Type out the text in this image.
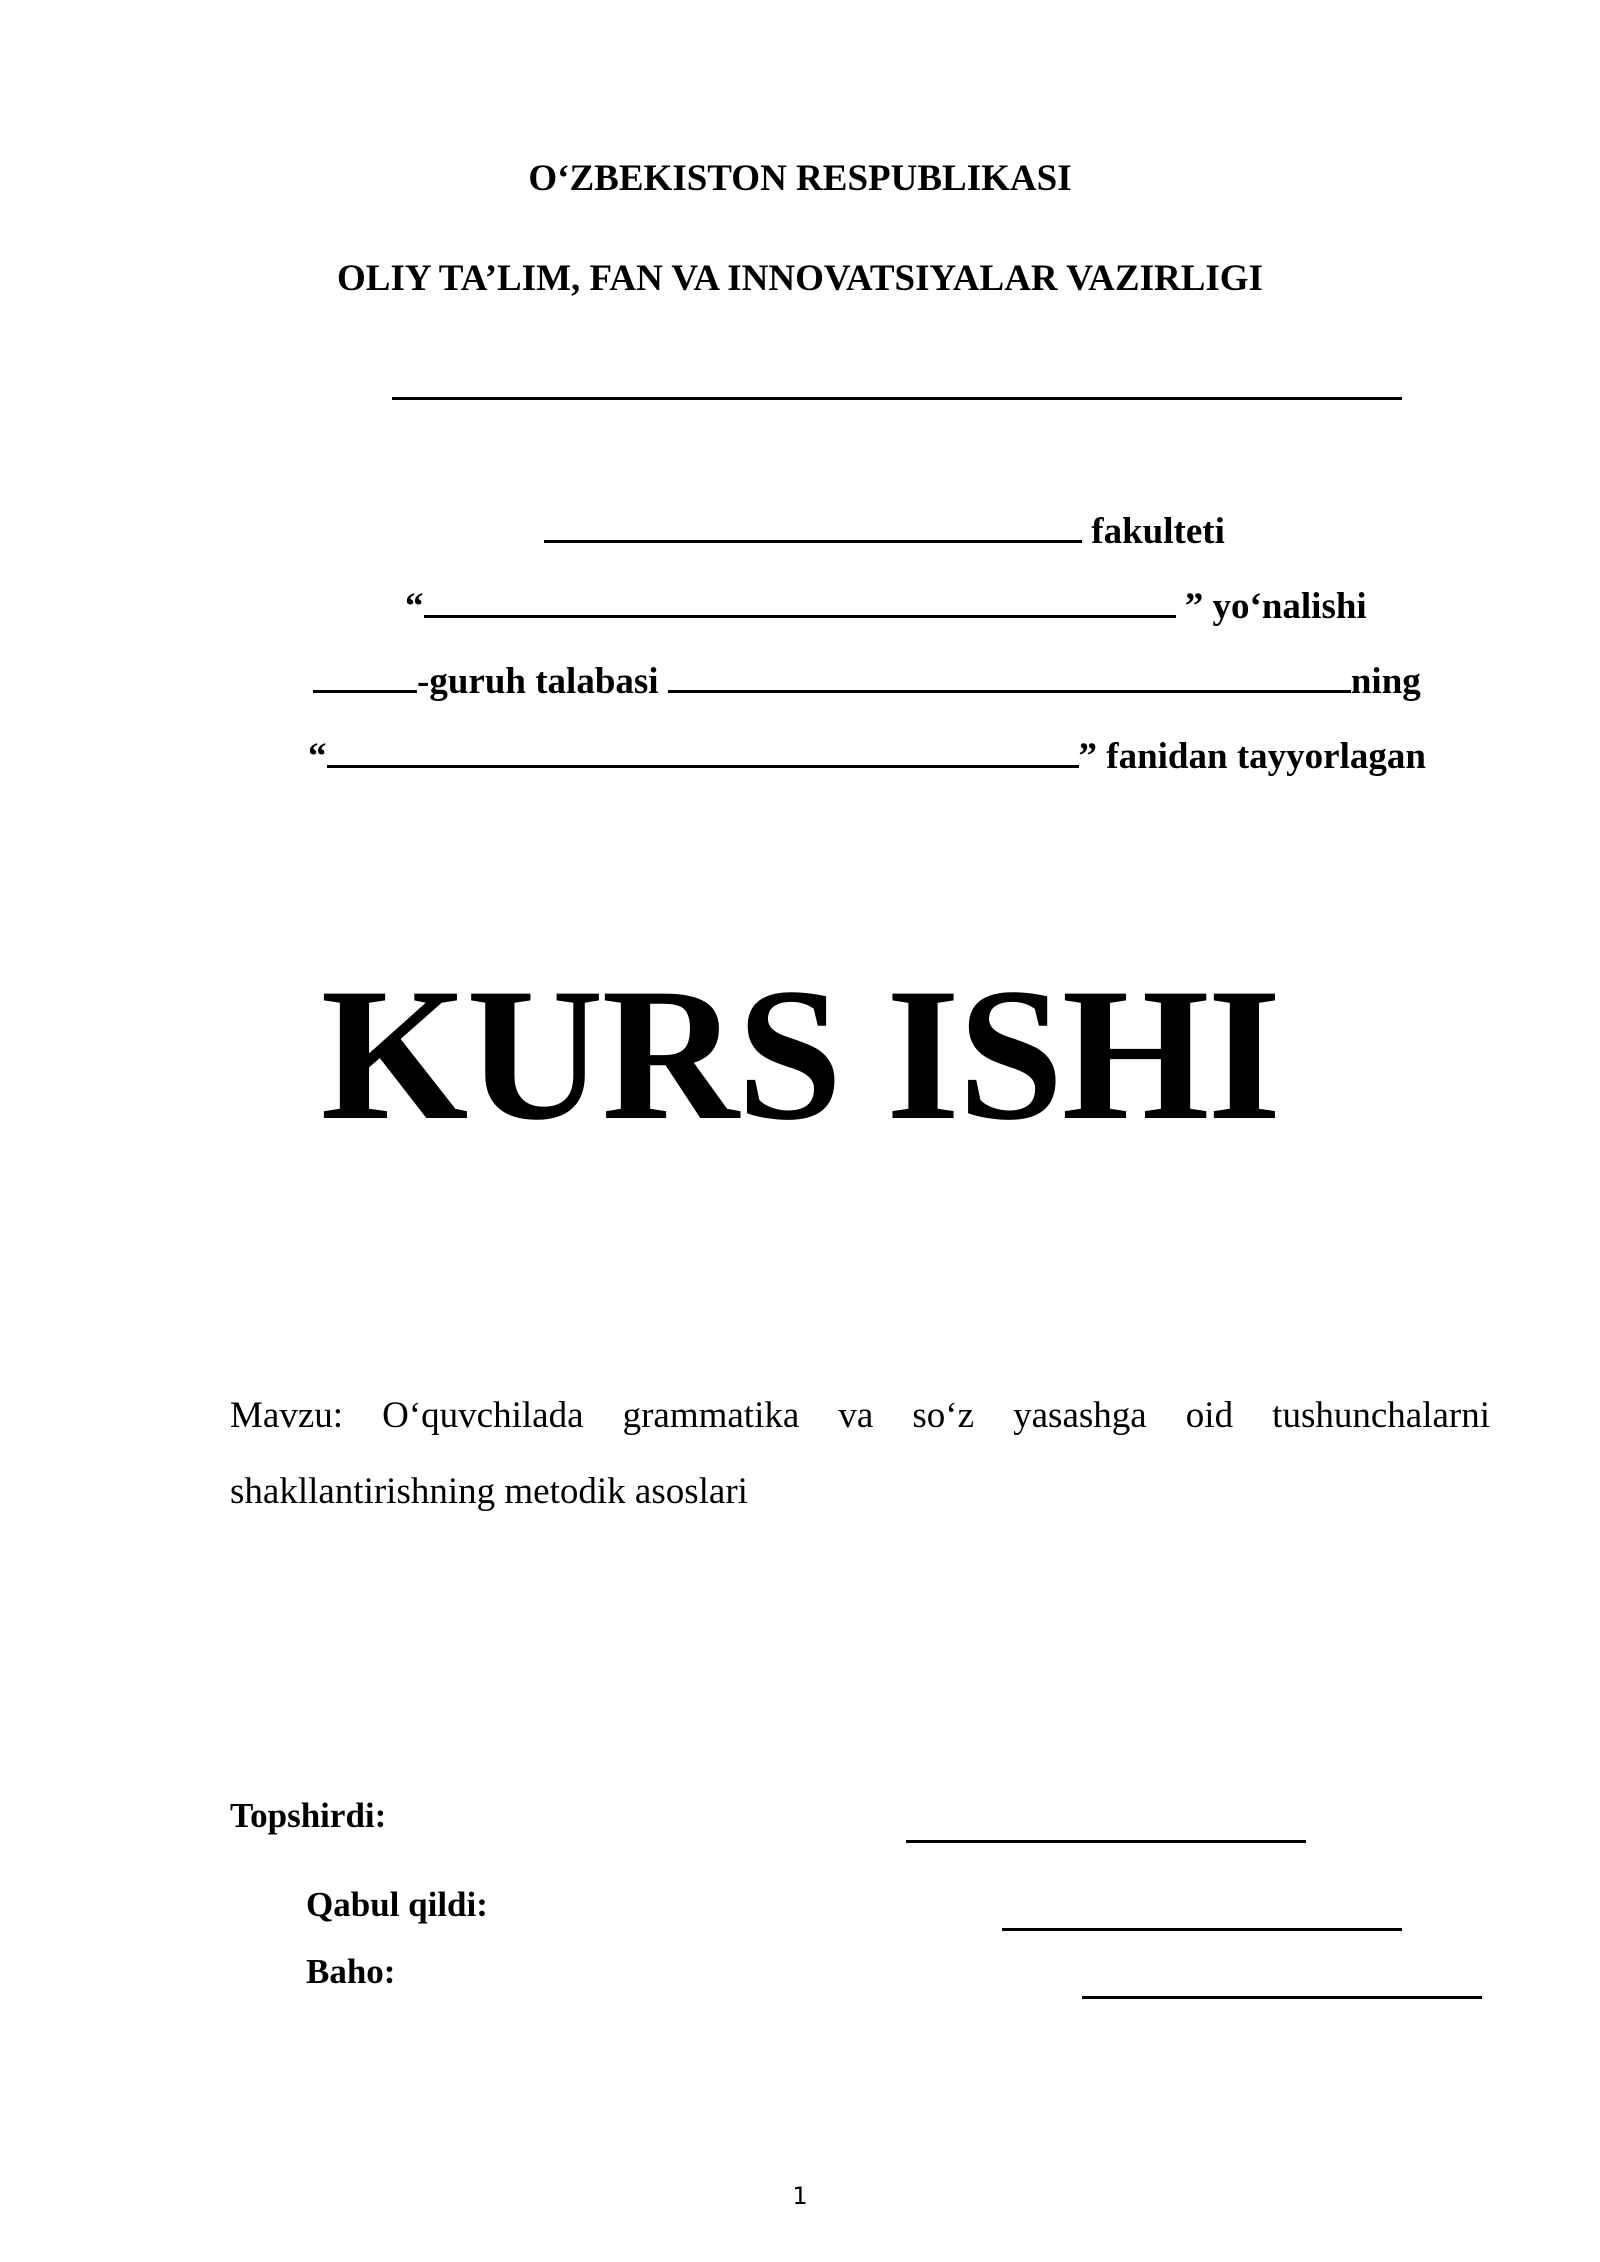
O‘ZBEKISTON RESPUBLIKASI
OLIY TA’LIM, FAN VA INNOVATSIYALAR VAZIRLIGI
fakulteti
“	” yo‘nalishi
-guruh talabasi	ning
“	” fanidan tayyorlagan
KURS ISHI
Mavzu: O‘quvchilada grammatika va so‘z yasashga oid tushunchalarni shakllantirishning metodik asoslari
Topshirdi:
Qabul qildi:
Baho:
1
